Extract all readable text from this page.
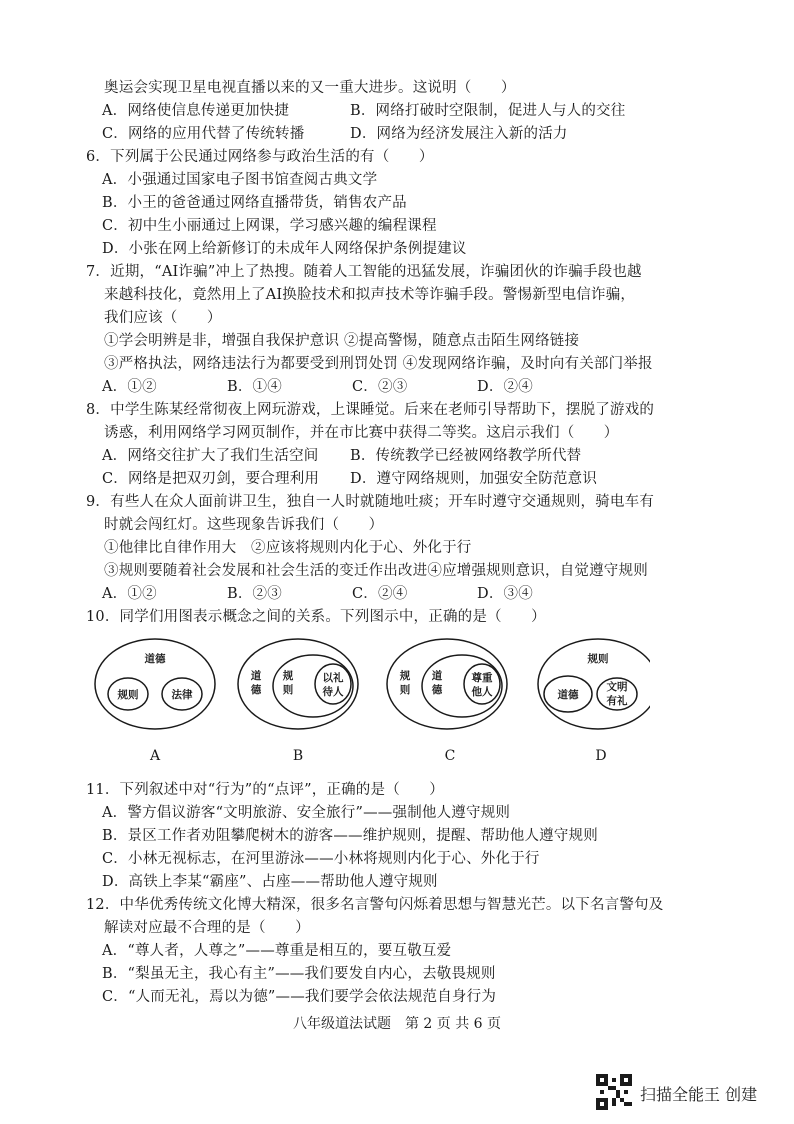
奥运会实现卫星电视直播以来的又一重大进步。这说明（　　）
A．网络使信息传递更加快捷	B．网络打破时空限制，促进人与人的交往
C．网络的应用代替了传统转播	D．网络为经济发展注入新的活力
6．下列属于公民通过网络参与政治生活的有（　　）
A．小强通过国家电子图书馆查阅古典文学
B．小王的爸爸通过网络直播带货，销售农产品
C．初中生小丽通过上网课，学习感兴趣的编程课程
D．小张在网上给新修订的未成年人网络保护条例提建议
7．近期，“AI诈骗”冲上了热搜。随着人工智能的迅猛发展，诈骗团伙的诈骗手段也越
来越科技化，竟然用上了AI换脸技术和拟声技术等诈骗手段。警惕新型电信诈骗，
我们应该（　　）
①学会明辨是非，增强自我保护意识 ②提高警惕，随意点击陌生网络链接
③严格执法，网络违法行为都要受到刑罚处罚 ④发现网络诈骗，及时向有关部门举报
A．①②	B．①④	C．②③	D．②④
8．中学生陈某经常彻夜上网玩游戏，上课睡觉。后来在老师引导帮助下，摆脱了游戏的
诱惑，利用网络学习网页制作，并在市比赛中获得二等奖。这启示我们（　　）
A．网络交往扩大了我们生活空间 B．传统教学已经被网络教学所代替
C．网络是把双刃剑，要合理利用 D．遵守网络规则，加强安全防范意识
9．有些人在众人面前讲卫生，独自一人时就随地吐痰；开车时遵守交通规则，骑电车有
时就会闯红灯。这些现象告诉我们（　　）
①他律比自律作用大　②应该将规则内化于心、外化于行
③规则要随着社会发展和社会生活的变迁作出改进④应增强规则意识，自觉遵守规则
A．①②	B．②③	C．②④	D．③④
10．同学们用图表示概念之间的关系。下列图示中，正确的是（　　）
道德
规则	法律
道
德
规
则
以礼
待人
规
则
道
德
尊重
他人
规则
道德
文明
有礼
A	B	C	D
11．下列叙述中对“行为”的“点评”，正确的是（　　）
A．警方倡议游客“文明旅游、安全旅行”——强制他人遵守规则
B．景区工作者劝阻攀爬树木的游客——维护规则，提醒、帮助他人遵守规则
C．小林无视标志，在河里游泳——小林将规则内化于心、外化于行
D．高铁上李某“霸座”、占座——帮助他人遵守规则
12．中华优秀传统文化博大精深，很多名言警句闪烁着思想与智慧光芒。以下名言警句及
解读对应最不合理的是（　　）
A．“尊人者，人尊之”——尊重是相互的，要互敬互爱
B．“梨虽无主，我心有主”——我们要发自内心，去敬畏规则
C．“人而无礼，焉以为德”——我们要学会依法规范自身行为
八年级道法试题　第 2 页 共 6 页
扫描全能王 创建
